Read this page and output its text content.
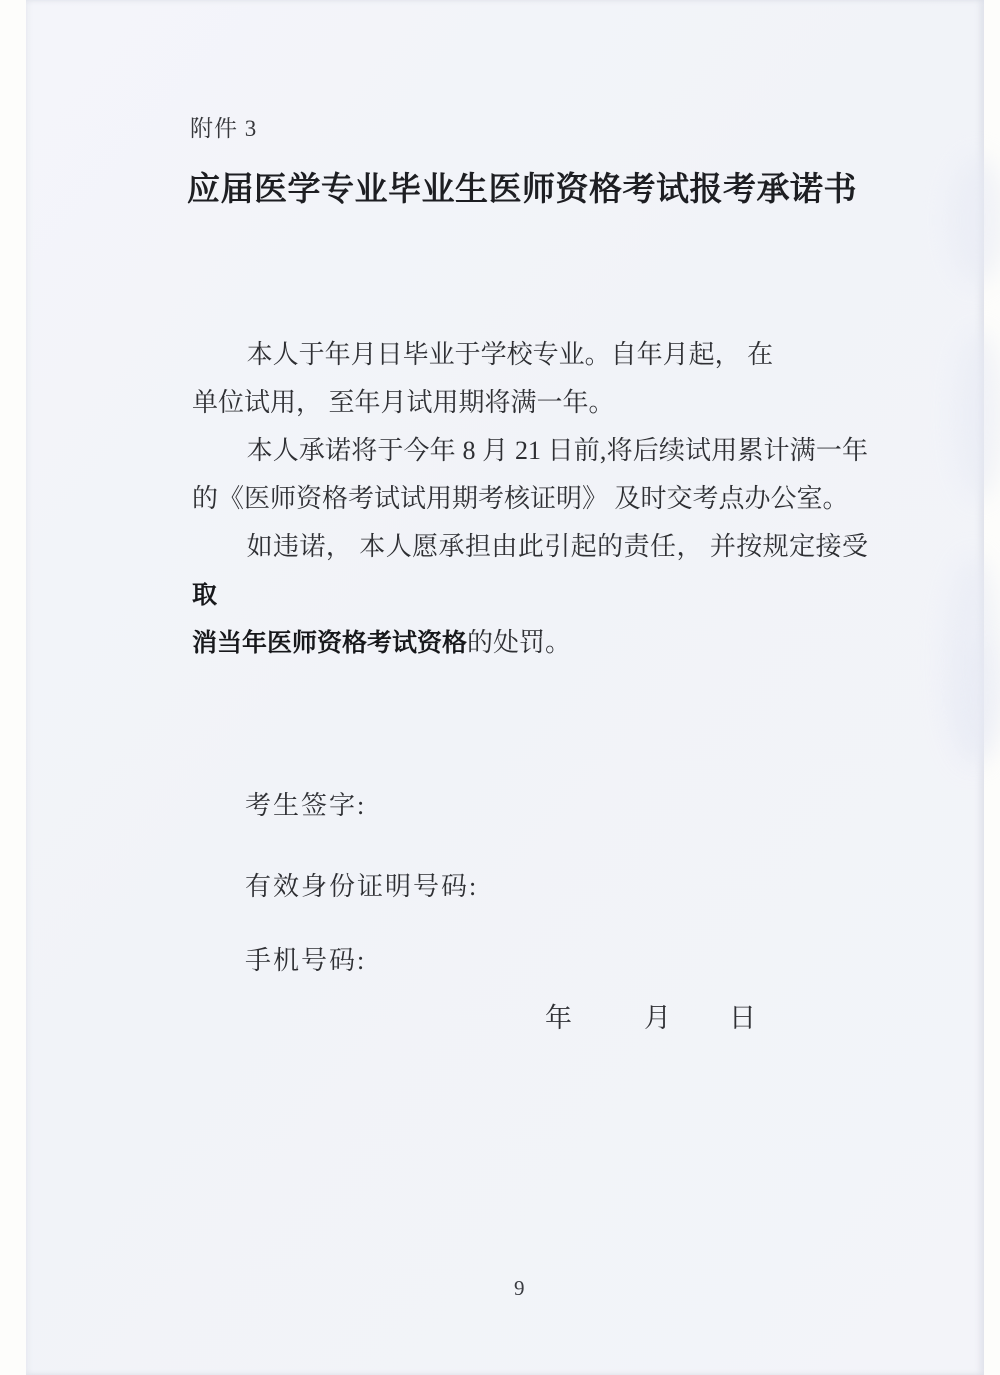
附件 3
应届医学专业毕业生医师资格考试报考承诺书
本人于年月日毕业于学校专业。自年月起， 在
单位试用， 至年月试用期将满一年。
本人承诺将于今年 8 月 21 日前,将后续试用累计满一年
的《医师资格考试试用期考核证明》 及时交考点办公室。
如违诺， 本人愿承担由此引起的责任， 并按规定接受取
消当年医师资格考试资格的处罚。
考生签字:
有效身份证明号码:
手机号码:
年	月 日
9
